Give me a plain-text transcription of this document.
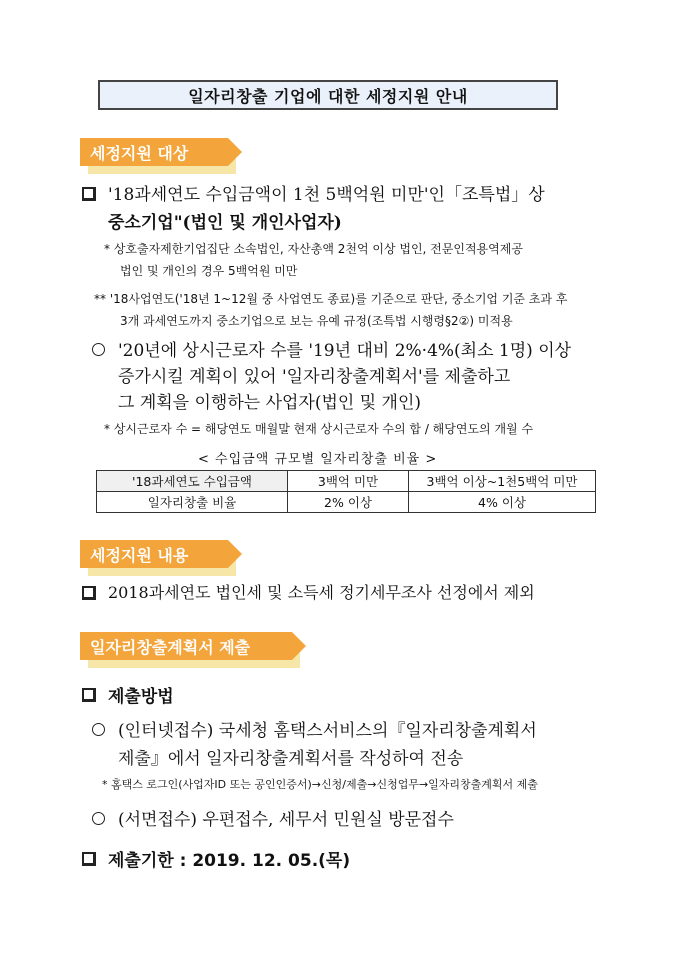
일자리창출 기업에 대한 세정지원 안내
세정지원 대상
'18과세연도 수입금액이 1천 5백억원 미만'인「조특법」상
중소기업"(법인 및 개인사업자)
* 상호출자제한기업집단 소속법인, 자산총액 2천억 이상 법인, 전문인적용역제공
법인 및 개인의 경우 5백억원 미만
** '18사업연도('18년 1~12월 중 사업연도 종료)를 기준으로 판단, 중소기업 기준 초과 후
3개 과세연도까지 중소기업으로 보는 유예 규정(조특법 시행령§2②) 미적용
'20년에 상시근로자 수를 '19년 대비 2%·4%(최소 1명) 이상
증가시킬 계획이 있어 '일자리창출계획서'를 제출하고
그 계획을 이행하는 사업자(법인 및 개인)
* 상시근로자 수 = 해당연도 매월말 현재 상시근로자 수의 합 / 해당연도의 개월 수
< 수입금액 규모별 일자리창출 비율 >
'18과세연도 수입금액	3백억 미만	3백억 이상~1천5백억 미만
일자리창출 비율	2% 이상	4% 이상
세정지원 내용
2018과세연도 법인세 및 소득세 정기세무조사 선정에서 제외
일자리창출계획서 제출
제출방법
(인터넷접수) 국세청 홈택스서비스의『일자리창출계획서
제출』에서 일자리창출계획서를 작성하여 전송
* 홈택스 로그인(사업자ID 또는 공인인증서)→신청/제출→신청업무→일자리창출계획서 제출
(서면접수) 우편접수, 세무서 민원실 방문접수
제출기한 : 2019. 12. 05.(목)
